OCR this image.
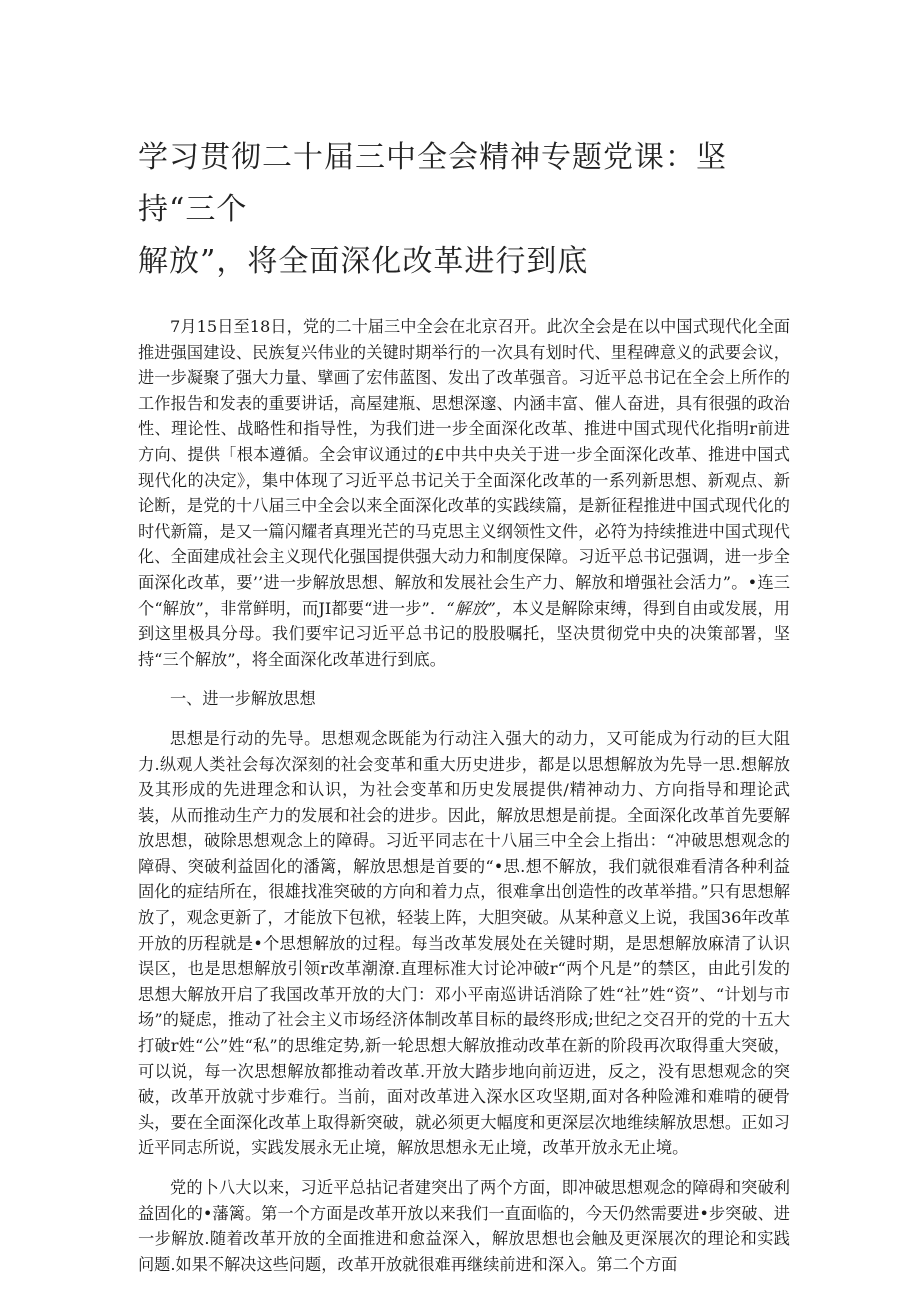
学习贯彻二十届三中全会精神专题党课：坚持“三个
解放”，将全面深化改革进行到底

7月15日至18日，党的二十届三中全会在北京召开。此次全会是在以中国式现代化全面推进强国建设、民族复兴伟业的关键时期举行的一次具有划时代、里程碑意义的武要会议，进一步凝聚了强大力量、擘画了宏伟蓝图、发出了改革强音。习近平总书记在全会上所作的工作报告和发表的重要讲话，高屋建瓶、思想深邃、内涵丰富、催人奋进，具有很强的政治性、理论性、战略性和指导性，为我们进一步全面深化改革、推进中国式现代化指明r前进方向、提供「根本遵循。全会审议通过的£中共中央关于进一步全面深化改革、推进中国式现代化的决定》，集中体现了习近平总书记关于全面深化改革的一系列新思想、新观点、新论断，是党的十八届三中全会以来全面深化改革的实践续篇，是新征程推进中国式现代化的时代新篇，是又一篇闪耀者真理光芒的马克思主义纲领性文件，必符为持续推进中国式现代化、全面建成社会主义现代化强国提供强大动力和制度保障。习近平总书记强调，进一步全面深化改革，要’’进一步解放思想、解放和发展社会生产力、解放和增强社会活力”。•连三个“解放”，非常鲜明，而JI都要“进一步”．“解放”，本义是解除束缚，得到自由或发展，用到这里极具分母。我们要牢记习近平总书记的股股嘱托，坚决贯彻党中央的决策部署，坚持“三个解放”，将全面深化改革进行到底。

一、进一步解放思想

思想是行动的先导。思想观念既能为行动注入强大的动力，又可能成为行动的巨大阻力.纵观人类社会每次深刻的社会变革和重大历史进步，都是以思想解放为先导一思.想解放及其形成的先进理念和认识，为社会变革和历史发展提供/精神动力、方向指导和理论武装，从而推动生产力的发展和社会的进步。因此，解放思想是前提。全面深化改革首先要解放思想，破除思想观念上的障碍。习近平同志在十八届三中全会上指出：“冲破思想观念的障碍、突破利益固化的潘篱，解放思想是首要的“•思.想不解放，我们就很难看清各种利益固化的症结所在，很雄找准突破的方向和着力点，很难拿出创造性的改革举措。”只有思想解放了，观念更新了，才能放下包袱，轻装上阵，大胆突破。从某种意义上说，我国36年改革开放的历程就是•个思想解放的过程。每当改革发展处在关键时期，是思想解放麻清了认识误区，也是思想解放引领r改革潮潦.直理标准大讨论冲破r“两个凡是”的禁区，由此引发的思想大解放开启了我国改革开放的大门：邓小平南巡讲话消除了姓“社”姓“资”、“计划与市场”的疑虑，推动了社会主义市场经济体制改革目标的最终形成;世纪之交召开的党的十五大打破r姓“公”姓“私”的思维定势,新一轮思想大解放推动改革在新的阶段再次取得重大突破，可以说，每一次思想解放都推动着改革.开放大踏步地向前迈进，反之，没有思想观念的突破，改革开放就寸步难行。当前，面对改革进入深水区攻坚期,面对各种险滩和难啃的硬骨头，要在全面深化改革上取得新突破，就必须更大幅度和更深层次地维续解放思想。正如习近平同志所说，实践发展永无止境，解放思想永无止境，改革开放永无止境。

党的卜八大以来，习近平总拈记者建突出了两个方面，即冲破思想观念的障碍和突破利益固化的•藩篱。第一个方面是改革开放以来我们一直面临的，今天仍然需要进•步突破、进一步解放.随着改革开放的全面推进和愈益深入，解放思想也会触及更深展次的理论和实践问题.如果不解决这些问题，改革开放就很难再继续前进和深入。第二个方面
